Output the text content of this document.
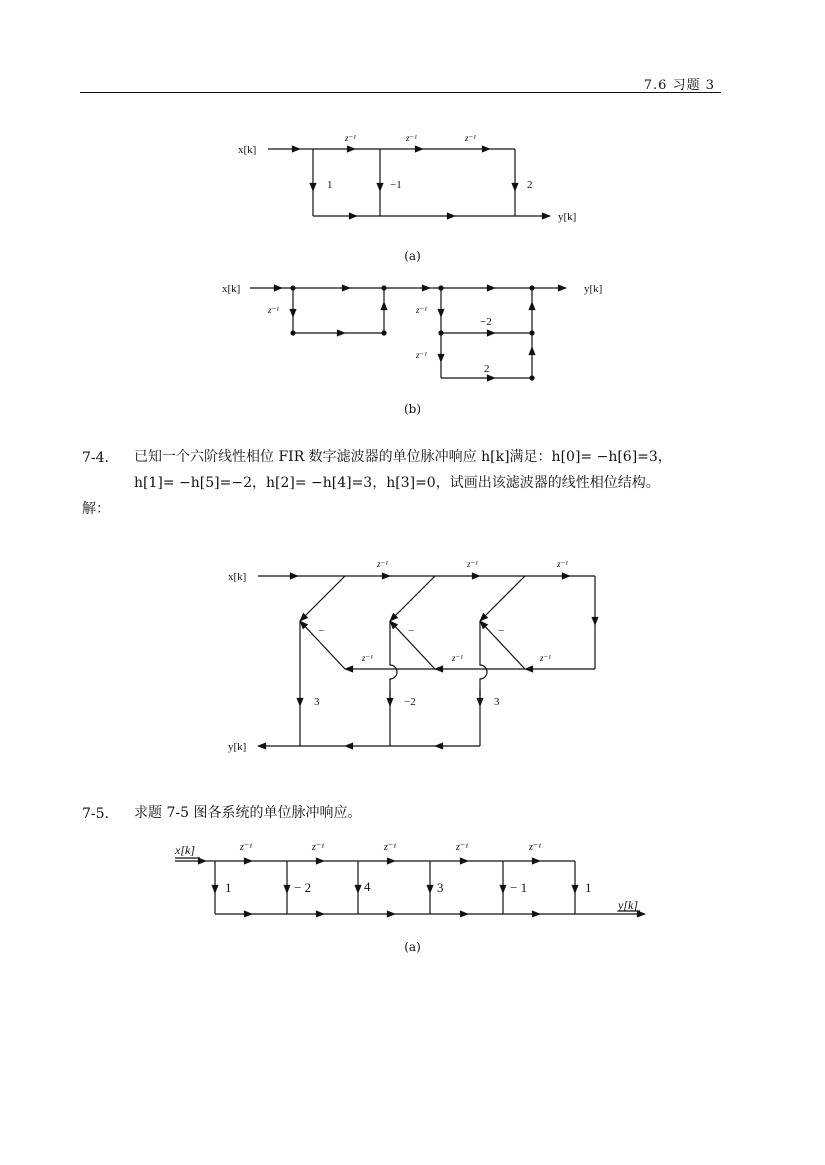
7.6 习题 3
x[k]
z⁻¹	z⁻¹	z⁻¹
1	−1	2
y[k]
(a)
x[k]	y[k]
z⁻¹	z⁻¹
−2
z⁻¹
2
(b)
7-4. 已知一个六阶线性相位 FIR 数字滤波器的单位脉冲响应 h[k]满足：h[0]= −h[6]=3，
h[1]= −h[5]=−2，h[2]= −h[4]=3，h[3]=0，试画出该滤波器的线性相位结构。
解：
x[k]
z⁻¹	z⁻¹	z⁻¹
z⁻¹
z⁻¹
z⁻¹
−	−	−
3	−2	3
y[k]
7-5. 求题 7-5 图各系统的单位脉冲响应。
x[k]	z⁻¹	z⁻¹	z⁻¹	z⁻¹	z⁻¹
1	− 2	4	3	− 1	1
y[k]
(a)
